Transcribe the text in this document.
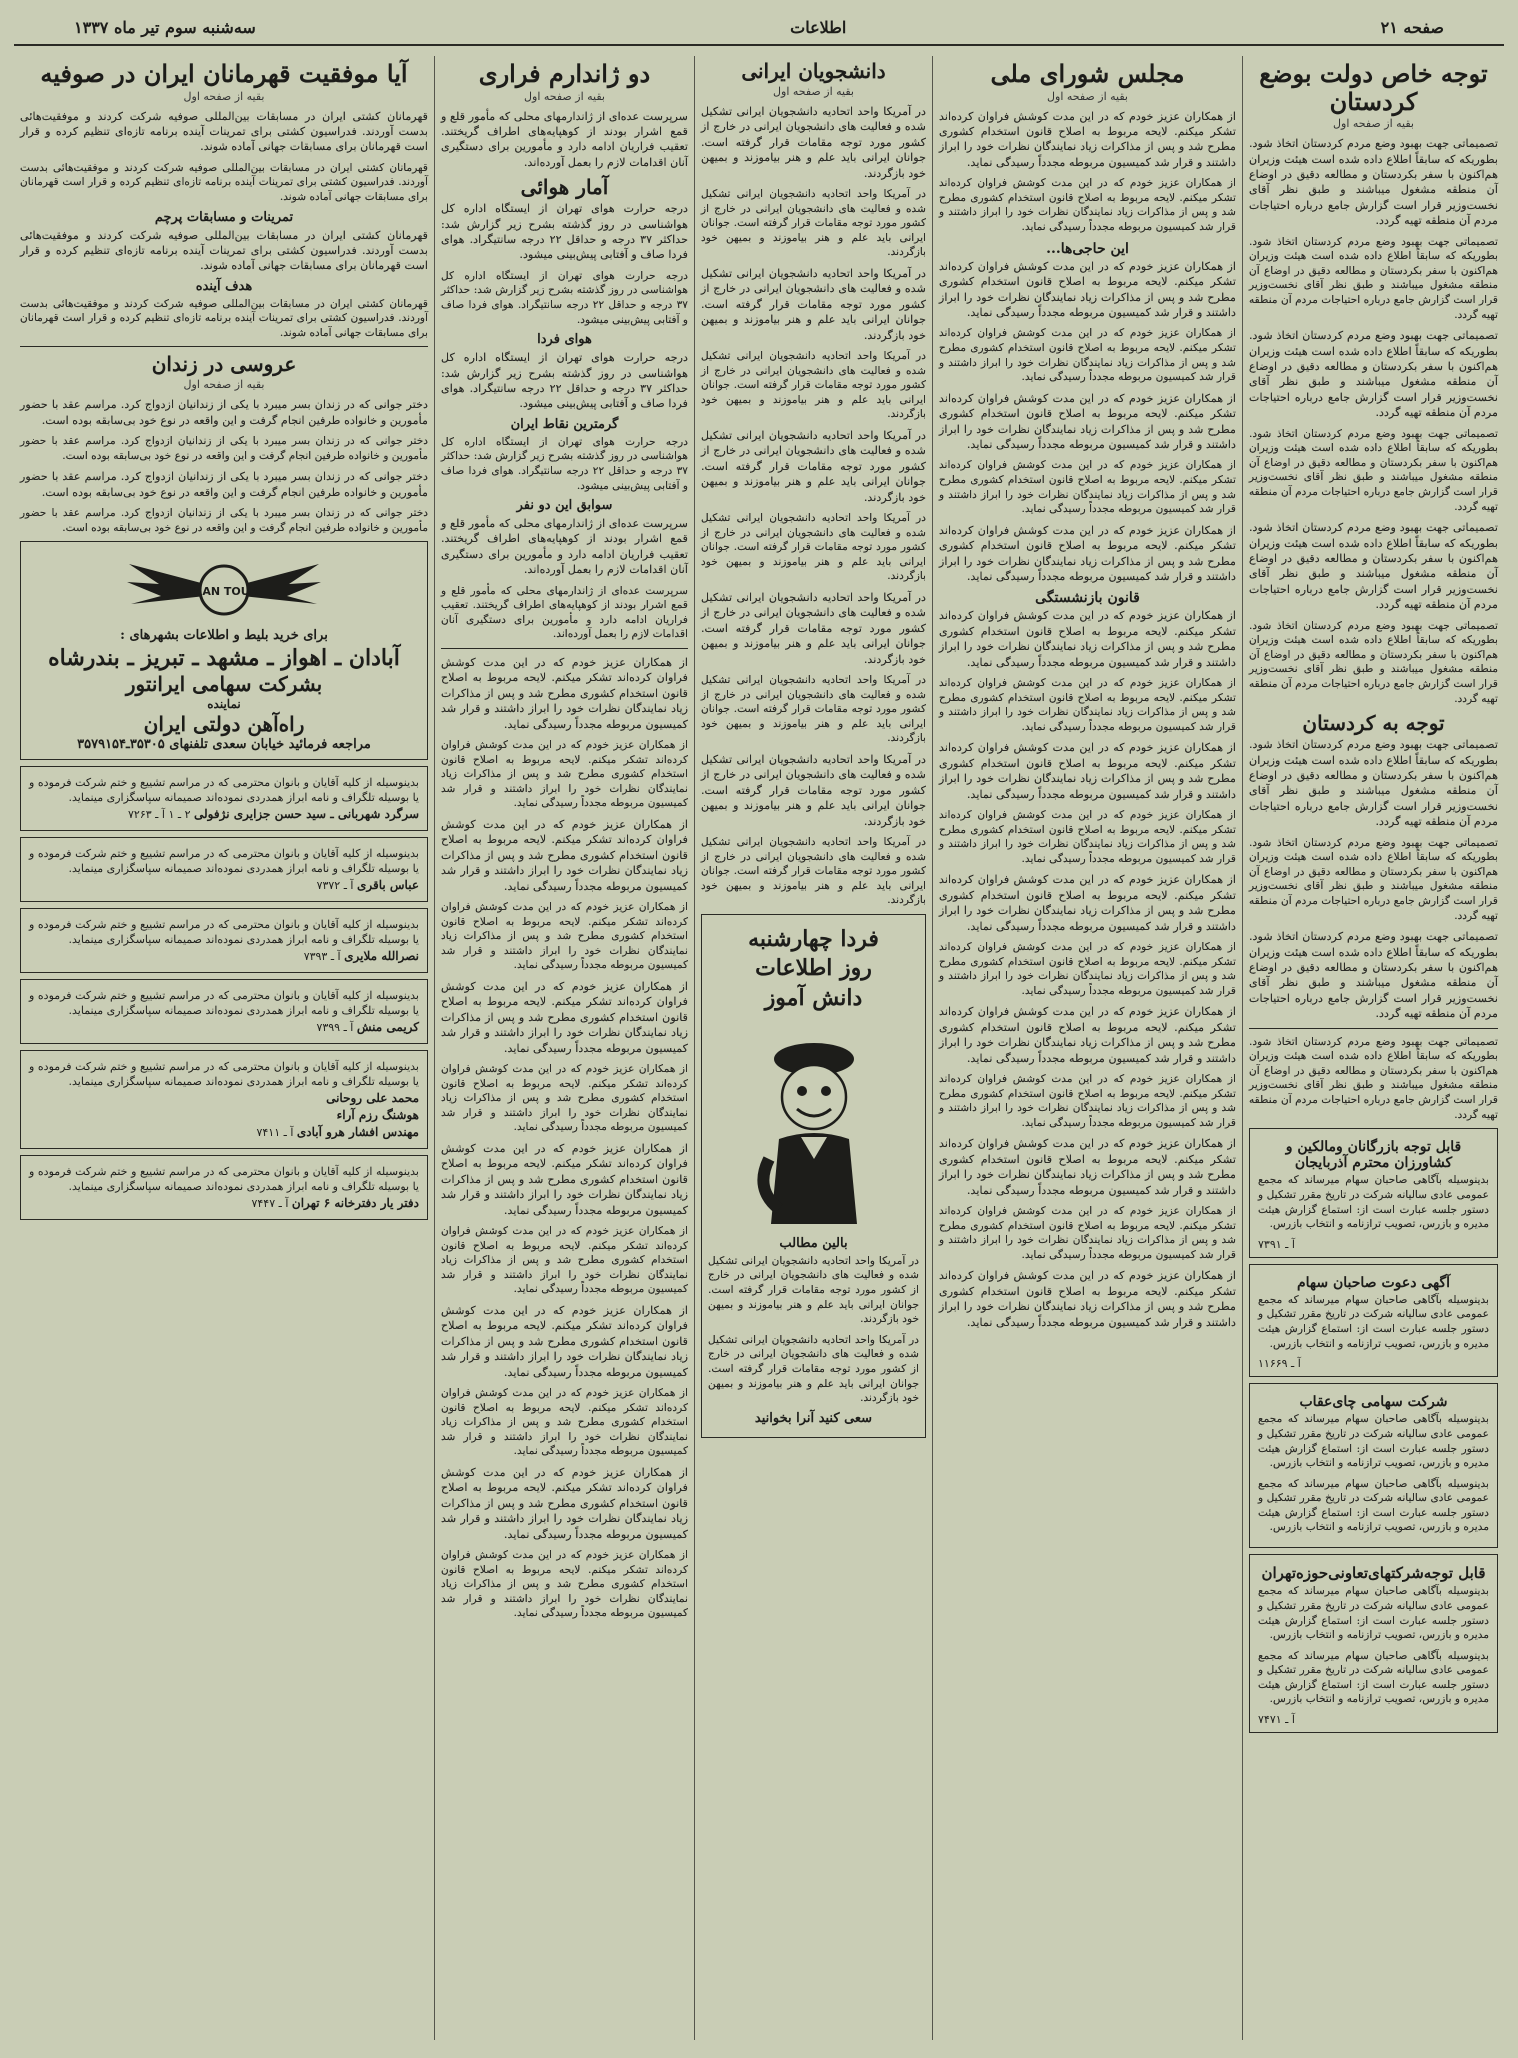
صفحه ۲۱
اطلاعات
سه‌شنبه سوم تیر ماه ۱۳۳۷
توجه خاص دولت بوضع کردستان
بقیه از صفحه اول

تصمیماتی جهت بهبود وضع مردم کردستان اتخاذ شود. بطوریکه که سابقاً اطلاع داده شده است هیئت وزیران هم‌اکنون با سفر بکردستان و مطالعه دقیق در اوضاع آن منطقه مشغول میباشند و طبق نظر آقای نخست‌وزیر قرار است گزارش جامع درباره احتیاجات مردم آن منطقه تهیه گردد.

تصمیماتی جهت بهبود وضع مردم کردستان اتخاذ شود. بطوریکه که سابقاً اطلاع داده شده است هیئت وزیران هم‌اکنون با سفر بکردستان و مطالعه دقیق در اوضاع آن منطقه مشغول میباشند و طبق نظر آقای نخست‌وزیر قرار است گزارش جامع درباره احتیاجات مردم آن منطقه تهیه گردد.

تصمیماتی جهت بهبود وضع مردم کردستان اتخاذ شود. بطوریکه که سابقاً اطلاع داده شده است هیئت وزیران هم‌اکنون با سفر بکردستان و مطالعه دقیق در اوضاع آن منطقه مشغول میباشند و طبق نظر آقای نخست‌وزیر قرار است گزارش جامع درباره احتیاجات مردم آن منطقه تهیه گردد.

تصمیماتی جهت بهبود وضع مردم کردستان اتخاذ شود. بطوریکه که سابقاً اطلاع داده شده است هیئت وزیران هم‌اکنون با سفر بکردستان و مطالعه دقیق در اوضاع آن منطقه مشغول میباشند و طبق نظر آقای نخست‌وزیر قرار است گزارش جامع درباره احتیاجات مردم آن منطقه تهیه گردد.

تصمیماتی جهت بهبود وضع مردم کردستان اتخاذ شود. بطوریکه که سابقاً اطلاع داده شده است هیئت وزیران هم‌اکنون با سفر بکردستان و مطالعه دقیق در اوضاع آن منطقه مشغول میباشند و طبق نظر آقای نخست‌وزیر قرار است گزارش جامع درباره احتیاجات مردم آن منطقه تهیه گردد.

تصمیماتی جهت بهبود وضع مردم کردستان اتخاذ شود. بطوریکه که سابقاً اطلاع داده شده است هیئت وزیران هم‌اکنون با سفر بکردستان و مطالعه دقیق در اوضاع آن منطقه مشغول میباشند و طبق نظر آقای نخست‌وزیر قرار است گزارش جامع درباره احتیاجات مردم آن منطقه تهیه گردد.

توجه به کردستان

تصمیماتی جهت بهبود وضع مردم کردستان اتخاذ شود. بطوریکه که سابقاً اطلاع داده شده است هیئت وزیران هم‌اکنون با سفر بکردستان و مطالعه دقیق در اوضاع آن منطقه مشغول میباشند و طبق نظر آقای نخست‌وزیر قرار است گزارش جامع درباره احتیاجات مردم آن منطقه تهیه گردد.

تصمیماتی جهت بهبود وضع مردم کردستان اتخاذ شود. بطوریکه که سابقاً اطلاع داده شده است هیئت وزیران هم‌اکنون با سفر بکردستان و مطالعه دقیق در اوضاع آن منطقه مشغول میباشند و طبق نظر آقای نخست‌وزیر قرار است گزارش جامع درباره احتیاجات مردم آن منطقه تهیه گردد.

تصمیماتی جهت بهبود وضع مردم کردستان اتخاذ شود. بطوریکه که سابقاً اطلاع داده شده است هیئت وزیران هم‌اکنون با سفر بکردستان و مطالعه دقیق در اوضاع آن منطقه مشغول میباشند و طبق نظر آقای نخست‌وزیر قرار است گزارش جامع درباره احتیاجات مردم آن منطقه تهیه گردد.

تصمیماتی جهت بهبود وضع مردم کردستان اتخاذ شود. بطوریکه که سابقاً اطلاع داده شده است هیئت وزیران هم‌اکنون با سفر بکردستان و مطالعه دقیق در اوضاع آن منطقه مشغول میباشند و طبق نظر آقای نخست‌وزیر قرار است گزارش جامع درباره احتیاجات مردم آن منطقه تهیه گردد.

قابل توجه بازرگانان ومالکین و کشاورزان محترم آذربایجان

بدینوسیله بآگاهی صاحبان سهام میرساند که مجمع عمومی عادی سالیانه شرکت در تاریخ مقرر تشکیل و دستور جلسه عبارت است از: استماع گزارش هیئت مدیره و بازرس، تصویب ترازنامه و انتخاب بازرس.

آ ـ ۷۳۹۱
آگهی دعوت صاحبان سهام

بدینوسیله بآگاهی صاحبان سهام میرساند که مجمع عمومی عادی سالیانه شرکت در تاریخ مقرر تشکیل و دستور جلسه عبارت است از: استماع گزارش هیئت مدیره و بازرس، تصویب ترازنامه و انتخاب بازرس.

آ ـ ۱۱۶۶۹
شرکت سهامی چای‌عقاب

بدینوسیله بآگاهی صاحبان سهام میرساند که مجمع عمومی عادی سالیانه شرکت در تاریخ مقرر تشکیل و دستور جلسه عبارت است از: استماع گزارش هیئت مدیره و بازرس، تصویب ترازنامه و انتخاب بازرس.

بدینوسیله بآگاهی صاحبان سهام میرساند که مجمع عمومی عادی سالیانه شرکت در تاریخ مقرر تشکیل و دستور جلسه عبارت است از: استماع گزارش هیئت مدیره و بازرس، تصویب ترازنامه و انتخاب بازرس.

قابل توجه‌شرکتهای‌تعاونی‌حوزه‌تهران

بدینوسیله بآگاهی صاحبان سهام میرساند که مجمع عمومی عادی سالیانه شرکت در تاریخ مقرر تشکیل و دستور جلسه عبارت است از: استماع گزارش هیئت مدیره و بازرس، تصویب ترازنامه و انتخاب بازرس.

بدینوسیله بآگاهی صاحبان سهام میرساند که مجمع عمومی عادی سالیانه شرکت در تاریخ مقرر تشکیل و دستور جلسه عبارت است از: استماع گزارش هیئت مدیره و بازرس، تصویب ترازنامه و انتخاب بازرس.

آ ـ ۷۴۷۱
مجلس شورای ملی
بقیه از صفحه اول

از همکاران عزیز خودم که در این مدت کوشش فراوان کرده‌اند تشکر میکنم. لایحه مربوط به اصلاح قانون استخدام کشوری مطرح شد و پس از مذاکرات زیاد نمایندگان نظرات خود را ابراز داشتند و قرار شد کمیسیون مربوطه مجدداً رسیدگی نماید.

از همکاران عزیز خودم که در این مدت کوشش فراوان کرده‌اند تشکر میکنم. لایحه مربوط به اصلاح قانون استخدام کشوری مطرح شد و پس از مذاکرات زیاد نمایندگان نظرات خود را ابراز داشتند و قرار شد کمیسیون مربوطه مجدداً رسیدگی نماید.

این حاجی‌ها...

از همکاران عزیز خودم که در این مدت کوشش فراوان کرده‌اند تشکر میکنم. لایحه مربوط به اصلاح قانون استخدام کشوری مطرح شد و پس از مذاکرات زیاد نمایندگان نظرات خود را ابراز داشتند و قرار شد کمیسیون مربوطه مجدداً رسیدگی نماید.

از همکاران عزیز خودم که در این مدت کوشش فراوان کرده‌اند تشکر میکنم. لایحه مربوط به اصلاح قانون استخدام کشوری مطرح شد و پس از مذاکرات زیاد نمایندگان نظرات خود را ابراز داشتند و قرار شد کمیسیون مربوطه مجدداً رسیدگی نماید.

از همکاران عزیز خودم که در این مدت کوشش فراوان کرده‌اند تشکر میکنم. لایحه مربوط به اصلاح قانون استخدام کشوری مطرح شد و پس از مذاکرات زیاد نمایندگان نظرات خود را ابراز داشتند و قرار شد کمیسیون مربوطه مجدداً رسیدگی نماید.

از همکاران عزیز خودم که در این مدت کوشش فراوان کرده‌اند تشکر میکنم. لایحه مربوط به اصلاح قانون استخدام کشوری مطرح شد و پس از مذاکرات زیاد نمایندگان نظرات خود را ابراز داشتند و قرار شد کمیسیون مربوطه مجدداً رسیدگی نماید.

از همکاران عزیز خودم که در این مدت کوشش فراوان کرده‌اند تشکر میکنم. لایحه مربوط به اصلاح قانون استخدام کشوری مطرح شد و پس از مذاکرات زیاد نمایندگان نظرات خود را ابراز داشتند و قرار شد کمیسیون مربوطه مجدداً رسیدگی نماید.

قانون بازنشستگی

از همکاران عزیز خودم که در این مدت کوشش فراوان کرده‌اند تشکر میکنم. لایحه مربوط به اصلاح قانون استخدام کشوری مطرح شد و پس از مذاکرات زیاد نمایندگان نظرات خود را ابراز داشتند و قرار شد کمیسیون مربوطه مجدداً رسیدگی نماید.

از همکاران عزیز خودم که در این مدت کوشش فراوان کرده‌اند تشکر میکنم. لایحه مربوط به اصلاح قانون استخدام کشوری مطرح شد و پس از مذاکرات زیاد نمایندگان نظرات خود را ابراز داشتند و قرار شد کمیسیون مربوطه مجدداً رسیدگی نماید.

از همکاران عزیز خودم که در این مدت کوشش فراوان کرده‌اند تشکر میکنم. لایحه مربوط به اصلاح قانون استخدام کشوری مطرح شد و پس از مذاکرات زیاد نمایندگان نظرات خود را ابراز داشتند و قرار شد کمیسیون مربوطه مجدداً رسیدگی نماید.

از همکاران عزیز خودم که در این مدت کوشش فراوان کرده‌اند تشکر میکنم. لایحه مربوط به اصلاح قانون استخدام کشوری مطرح شد و پس از مذاکرات زیاد نمایندگان نظرات خود را ابراز داشتند و قرار شد کمیسیون مربوطه مجدداً رسیدگی نماید.

از همکاران عزیز خودم که در این مدت کوشش فراوان کرده‌اند تشکر میکنم. لایحه مربوط به اصلاح قانون استخدام کشوری مطرح شد و پس از مذاکرات زیاد نمایندگان نظرات خود را ابراز داشتند و قرار شد کمیسیون مربوطه مجدداً رسیدگی نماید.

از همکاران عزیز خودم که در این مدت کوشش فراوان کرده‌اند تشکر میکنم. لایحه مربوط به اصلاح قانون استخدام کشوری مطرح شد و پس از مذاکرات زیاد نمایندگان نظرات خود را ابراز داشتند و قرار شد کمیسیون مربوطه مجدداً رسیدگی نماید.

از همکاران عزیز خودم که در این مدت کوشش فراوان کرده‌اند تشکر میکنم. لایحه مربوط به اصلاح قانون استخدام کشوری مطرح شد و پس از مذاکرات زیاد نمایندگان نظرات خود را ابراز داشتند و قرار شد کمیسیون مربوطه مجدداً رسیدگی نماید.

از همکاران عزیز خودم که در این مدت کوشش فراوان کرده‌اند تشکر میکنم. لایحه مربوط به اصلاح قانون استخدام کشوری مطرح شد و پس از مذاکرات زیاد نمایندگان نظرات خود را ابراز داشتند و قرار شد کمیسیون مربوطه مجدداً رسیدگی نماید.

از همکاران عزیز خودم که در این مدت کوشش فراوان کرده‌اند تشکر میکنم. لایحه مربوط به اصلاح قانون استخدام کشوری مطرح شد و پس از مذاکرات زیاد نمایندگان نظرات خود را ابراز داشتند و قرار شد کمیسیون مربوطه مجدداً رسیدگی نماید.

از همکاران عزیز خودم که در این مدت کوشش فراوان کرده‌اند تشکر میکنم. لایحه مربوط به اصلاح قانون استخدام کشوری مطرح شد و پس از مذاکرات زیاد نمایندگان نظرات خود را ابراز داشتند و قرار شد کمیسیون مربوطه مجدداً رسیدگی نماید.

از همکاران عزیز خودم که در این مدت کوشش فراوان کرده‌اند تشکر میکنم. لایحه مربوط به اصلاح قانون استخدام کشوری مطرح شد و پس از مذاکرات زیاد نمایندگان نظرات خود را ابراز داشتند و قرار شد کمیسیون مربوطه مجدداً رسیدگی نماید.

دانشجویان ایرانی
بقیه از صفحه اول

در آمریکا واحد اتحادیه دانشجویان ایرانی تشکیل شده و فعالیت های دانشجویان ایرانی در خارج از کشور مورد توجه مقامات قرار گرفته است. جوانان ایرانی باید علم و هنر بیاموزند و بمیهن خود بازگردند.

در آمریکا واحد اتحادیه دانشجویان ایرانی تشکیل شده و فعالیت های دانشجویان ایرانی در خارج از کشور مورد توجه مقامات قرار گرفته است. جوانان ایرانی باید علم و هنر بیاموزند و بمیهن خود بازگردند.

در آمریکا واحد اتحادیه دانشجویان ایرانی تشکیل شده و فعالیت های دانشجویان ایرانی در خارج از کشور مورد توجه مقامات قرار گرفته است. جوانان ایرانی باید علم و هنر بیاموزند و بمیهن خود بازگردند.

در آمریکا واحد اتحادیه دانشجویان ایرانی تشکیل شده و فعالیت های دانشجویان ایرانی در خارج از کشور مورد توجه مقامات قرار گرفته است. جوانان ایرانی باید علم و هنر بیاموزند و بمیهن خود بازگردند.

در آمریکا واحد اتحادیه دانشجویان ایرانی تشکیل شده و فعالیت های دانشجویان ایرانی در خارج از کشور مورد توجه مقامات قرار گرفته است. جوانان ایرانی باید علم و هنر بیاموزند و بمیهن خود بازگردند.

در آمریکا واحد اتحادیه دانشجویان ایرانی تشکیل شده و فعالیت های دانشجویان ایرانی در خارج از کشور مورد توجه مقامات قرار گرفته است. جوانان ایرانی باید علم و هنر بیاموزند و بمیهن خود بازگردند.

در آمریکا واحد اتحادیه دانشجویان ایرانی تشکیل شده و فعالیت های دانشجویان ایرانی در خارج از کشور مورد توجه مقامات قرار گرفته است. جوانان ایرانی باید علم و هنر بیاموزند و بمیهن خود بازگردند.

در آمریکا واحد اتحادیه دانشجویان ایرانی تشکیل شده و فعالیت های دانشجویان ایرانی در خارج از کشور مورد توجه مقامات قرار گرفته است. جوانان ایرانی باید علم و هنر بیاموزند و بمیهن خود بازگردند.

در آمریکا واحد اتحادیه دانشجویان ایرانی تشکیل شده و فعالیت های دانشجویان ایرانی در خارج از کشور مورد توجه مقامات قرار گرفته است. جوانان ایرانی باید علم و هنر بیاموزند و بمیهن خود بازگردند.

در آمریکا واحد اتحادیه دانشجویان ایرانی تشکیل شده و فعالیت های دانشجویان ایرانی در خارج از کشور مورد توجه مقامات قرار گرفته است. جوانان ایرانی باید علم و هنر بیاموزند و بمیهن خود بازگردند.

فردا چهارشنبه
روز اطلاعات
دانش آموز
بالین مطالب

در آمریکا واحد اتحادیه دانشجویان ایرانی تشکیل شده و فعالیت های دانشجویان ایرانی در خارج از کشور مورد توجه مقامات قرار گرفته است. جوانان ایرانی باید علم و هنر بیاموزند و بمیهن خود بازگردند.

در آمریکا واحد اتحادیه دانشجویان ایرانی تشکیل شده و فعالیت های دانشجویان ایرانی در خارج از کشور مورد توجه مقامات قرار گرفته است. جوانان ایرانی باید علم و هنر بیاموزند و بمیهن خود بازگردند.

سعی کنید آنرا بخوانید
دو ژاندارم فراری
بقیه از صفحه اول

سرپرست عده‌ای از ژاندارمهای محلی که مأمور قلع و قمع اشرار بودند از کوهپایه‌های اطراف گریختند. تعقیب فراریان ادامه دارد و مأمورین برای دستگیری آنان اقدامات لازم را بعمل آورده‌اند.

آمار هوائی

درجه حرارت هوای تهران از ایستگاه اداره کل هواشناسی در روز گذشته بشرح زیر گزارش شد: حداکثر ۳۷ درجه و حداقل ۲۲ درجه سانتیگراد. هوای فردا صاف و آفتابی پیش‌بینی میشود.

درجه حرارت هوای تهران از ایستگاه اداره کل هواشناسی در روز گذشته بشرح زیر گزارش شد: حداکثر ۳۷ درجه و حداقل ۲۲ درجه سانتیگراد. هوای فردا صاف و آفتابی پیش‌بینی میشود.

هوای فردا

درجه حرارت هوای تهران از ایستگاه اداره کل هواشناسی در روز گذشته بشرح زیر گزارش شد: حداکثر ۳۷ درجه و حداقل ۲۲ درجه سانتیگراد. هوای فردا صاف و آفتابی پیش‌بینی میشود.

گرمترین نقاط ایران

درجه حرارت هوای تهران از ایستگاه اداره کل هواشناسی در روز گذشته بشرح زیر گزارش شد: حداکثر ۳۷ درجه و حداقل ۲۲ درجه سانتیگراد. هوای فردا صاف و آفتابی پیش‌بینی میشود.

سوابق این دو نفر

سرپرست عده‌ای از ژاندارمهای محلی که مأمور قلع و قمع اشرار بودند از کوهپایه‌های اطراف گریختند. تعقیب فراریان ادامه دارد و مأمورین برای دستگیری آنان اقدامات لازم را بعمل آورده‌اند.

سرپرست عده‌ای از ژاندارمهای محلی که مأمور قلع و قمع اشرار بودند از کوهپایه‌های اطراف گریختند. تعقیب فراریان ادامه دارد و مأمورین برای دستگیری آنان اقدامات لازم را بعمل آورده‌اند.

از همکاران عزیز خودم که در این مدت کوشش فراوان کرده‌اند تشکر میکنم. لایحه مربوط به اصلاح قانون استخدام کشوری مطرح شد و پس از مذاکرات زیاد نمایندگان نظرات خود را ابراز داشتند و قرار شد کمیسیون مربوطه مجدداً رسیدگی نماید.

از همکاران عزیز خودم که در این مدت کوشش فراوان کرده‌اند تشکر میکنم. لایحه مربوط به اصلاح قانون استخدام کشوری مطرح شد و پس از مذاکرات زیاد نمایندگان نظرات خود را ابراز داشتند و قرار شد کمیسیون مربوطه مجدداً رسیدگی نماید.

از همکاران عزیز خودم که در این مدت کوشش فراوان کرده‌اند تشکر میکنم. لایحه مربوط به اصلاح قانون استخدام کشوری مطرح شد و پس از مذاکرات زیاد نمایندگان نظرات خود را ابراز داشتند و قرار شد کمیسیون مربوطه مجدداً رسیدگی نماید.

از همکاران عزیز خودم که در این مدت کوشش فراوان کرده‌اند تشکر میکنم. لایحه مربوط به اصلاح قانون استخدام کشوری مطرح شد و پس از مذاکرات زیاد نمایندگان نظرات خود را ابراز داشتند و قرار شد کمیسیون مربوطه مجدداً رسیدگی نماید.

از همکاران عزیز خودم که در این مدت کوشش فراوان کرده‌اند تشکر میکنم. لایحه مربوط به اصلاح قانون استخدام کشوری مطرح شد و پس از مذاکرات زیاد نمایندگان نظرات خود را ابراز داشتند و قرار شد کمیسیون مربوطه مجدداً رسیدگی نماید.

از همکاران عزیز خودم که در این مدت کوشش فراوان کرده‌اند تشکر میکنم. لایحه مربوط به اصلاح قانون استخدام کشوری مطرح شد و پس از مذاکرات زیاد نمایندگان نظرات خود را ابراز داشتند و قرار شد کمیسیون مربوطه مجدداً رسیدگی نماید.

از همکاران عزیز خودم که در این مدت کوشش فراوان کرده‌اند تشکر میکنم. لایحه مربوط به اصلاح قانون استخدام کشوری مطرح شد و پس از مذاکرات زیاد نمایندگان نظرات خود را ابراز داشتند و قرار شد کمیسیون مربوطه مجدداً رسیدگی نماید.

از همکاران عزیز خودم که در این مدت کوشش فراوان کرده‌اند تشکر میکنم. لایحه مربوط به اصلاح قانون استخدام کشوری مطرح شد و پس از مذاکرات زیاد نمایندگان نظرات خود را ابراز داشتند و قرار شد کمیسیون مربوطه مجدداً رسیدگی نماید.

از همکاران عزیز خودم که در این مدت کوشش فراوان کرده‌اند تشکر میکنم. لایحه مربوط به اصلاح قانون استخدام کشوری مطرح شد و پس از مذاکرات زیاد نمایندگان نظرات خود را ابراز داشتند و قرار شد کمیسیون مربوطه مجدداً رسیدگی نماید.

از همکاران عزیز خودم که در این مدت کوشش فراوان کرده‌اند تشکر میکنم. لایحه مربوط به اصلاح قانون استخدام کشوری مطرح شد و پس از مذاکرات زیاد نمایندگان نظرات خود را ابراز داشتند و قرار شد کمیسیون مربوطه مجدداً رسیدگی نماید.

از همکاران عزیز خودم که در این مدت کوشش فراوان کرده‌اند تشکر میکنم. لایحه مربوط به اصلاح قانون استخدام کشوری مطرح شد و پس از مذاکرات زیاد نمایندگان نظرات خود را ابراز داشتند و قرار شد کمیسیون مربوطه مجدداً رسیدگی نماید.

از همکاران عزیز خودم که در این مدت کوشش فراوان کرده‌اند تشکر میکنم. لایحه مربوط به اصلاح قانون استخدام کشوری مطرح شد و پس از مذاکرات زیاد نمایندگان نظرات خود را ابراز داشتند و قرار شد کمیسیون مربوطه مجدداً رسیدگی نماید.

آیا موفقیت قهرمانان ایران در صوفیه
بقیه از صفحه اول

قهرمانان کشتی ایران در مسابقات بین‌المللی صوفیه شرکت کردند و موفقیت‌هائی بدست آوردند. فدراسیون کشتی برای تمرینات آینده برنامه تازه‌ای تنظیم کرده و قرار است قهرمانان برای مسابقات جهانی آماده شوند.

قهرمانان کشتی ایران در مسابقات بین‌المللی صوفیه شرکت کردند و موفقیت‌هائی بدست آوردند. فدراسیون کشتی برای تمرینات آینده برنامه تازه‌ای تنظیم کرده و قرار است قهرمانان برای مسابقات جهانی آماده شوند.

تمرینات و مسابقات پرچم

قهرمانان کشتی ایران در مسابقات بین‌المللی صوفیه شرکت کردند و موفقیت‌هائی بدست آوردند. فدراسیون کشتی برای تمرینات آینده برنامه تازه‌ای تنظیم کرده و قرار است قهرمانان برای مسابقات جهانی آماده شوند.

هدف آینده

قهرمانان کشتی ایران در مسابقات بین‌المللی صوفیه شرکت کردند و موفقیت‌هائی بدست آوردند. فدراسیون کشتی برای تمرینات آینده برنامه تازه‌ای تنظیم کرده و قرار است قهرمانان برای مسابقات جهانی آماده شوند.

عروسی در زندان
بقیه از صفحه اول

دختر جوانی که در زندان بسر میبرد با یکی از زندانیان ازدواج کرد. مراسم عقد با حضور مأمورین و خانواده طرفین انجام گرفت و این واقعه در نوع خود بی‌سابقه بوده است.

دختر جوانی که در زندان بسر میبرد با یکی از زندانیان ازدواج کرد. مراسم عقد با حضور مأمورین و خانواده طرفین انجام گرفت و این واقعه در نوع خود بی‌سابقه بوده است.

دختر جوانی که در زندان بسر میبرد با یکی از زندانیان ازدواج کرد. مراسم عقد با حضور مأمورین و خانواده طرفین انجام گرفت و این واقعه در نوع خود بی‌سابقه بوده است.

دختر جوانی که در زندان بسر میبرد با یکی از زندانیان ازدواج کرد. مراسم عقد با حضور مأمورین و خانواده طرفین انجام گرفت و این واقعه در نوع خود بی‌سابقه بوده است.

IRAN TOUR
برای خرید بلیط و اطلاعات بشهرهای :
آبادان ـ اهواز ـ مشهد ـ تبریز ـ بندرشاه
بشرکت سهامی ایرانتور
نماینده
راه‌آهن دولتی ایران
مراجعه فرمائید خیابان سعدی تلفنهای ۳۵۳۰۵ـ۳۵۷۹۱۵۴

بدینوسیله از کلیه آقایان و بانوان محترمی که در مراسم تشییع و ختم شرکت فرموده و یا بوسیله تلگراف و نامه ابراز همدردی نموده‌اند صمیمانه سپاسگزاری مینماید.

سرگرد شهربانی ـ سید حسن جزایری نژفولی ۲ ـ ۱ آ ـ ۷۲۶۳

بدینوسیله از کلیه آقایان و بانوان محترمی که در مراسم تشییع و ختم شرکت فرموده و یا بوسیله تلگراف و نامه ابراز همدردی نموده‌اند صمیمانه سپاسگزاری مینماید.

عباس باقری آ ـ ۷۳۷۲

بدینوسیله از کلیه آقایان و بانوان محترمی که در مراسم تشییع و ختم شرکت فرموده و یا بوسیله تلگراف و نامه ابراز همدردی نموده‌اند صمیمانه سپاسگزاری مینماید.

نصرالله ملایری آ ـ ۷۳۹۳

بدینوسیله از کلیه آقایان و بانوان محترمی که در مراسم تشییع و ختم شرکت فرموده و یا بوسیله تلگراف و نامه ابراز همدردی نموده‌اند صمیمانه سپاسگزاری مینماید.

کریمی منش آ ـ ۷۳۹۹

بدینوسیله از کلیه آقایان و بانوان محترمی که در مراسم تشییع و ختم شرکت فرموده و یا بوسیله تلگراف و نامه ابراز همدردی نموده‌اند صمیمانه سپاسگزاری مینماید.

محمد علی روحانی

هوشنگ رزم آراء

مهندس افشار هرو آبادی آ ـ ۷۴۱۱

بدینوسیله از کلیه آقایان و بانوان محترمی که در مراسم تشییع و ختم شرکت فرموده و یا بوسیله تلگراف و نامه ابراز همدردی نموده‌اند صمیمانه سپاسگزاری مینماید.

دفتر یار دفترخانه ۶ تهران آ ـ ۷۴۴۷
